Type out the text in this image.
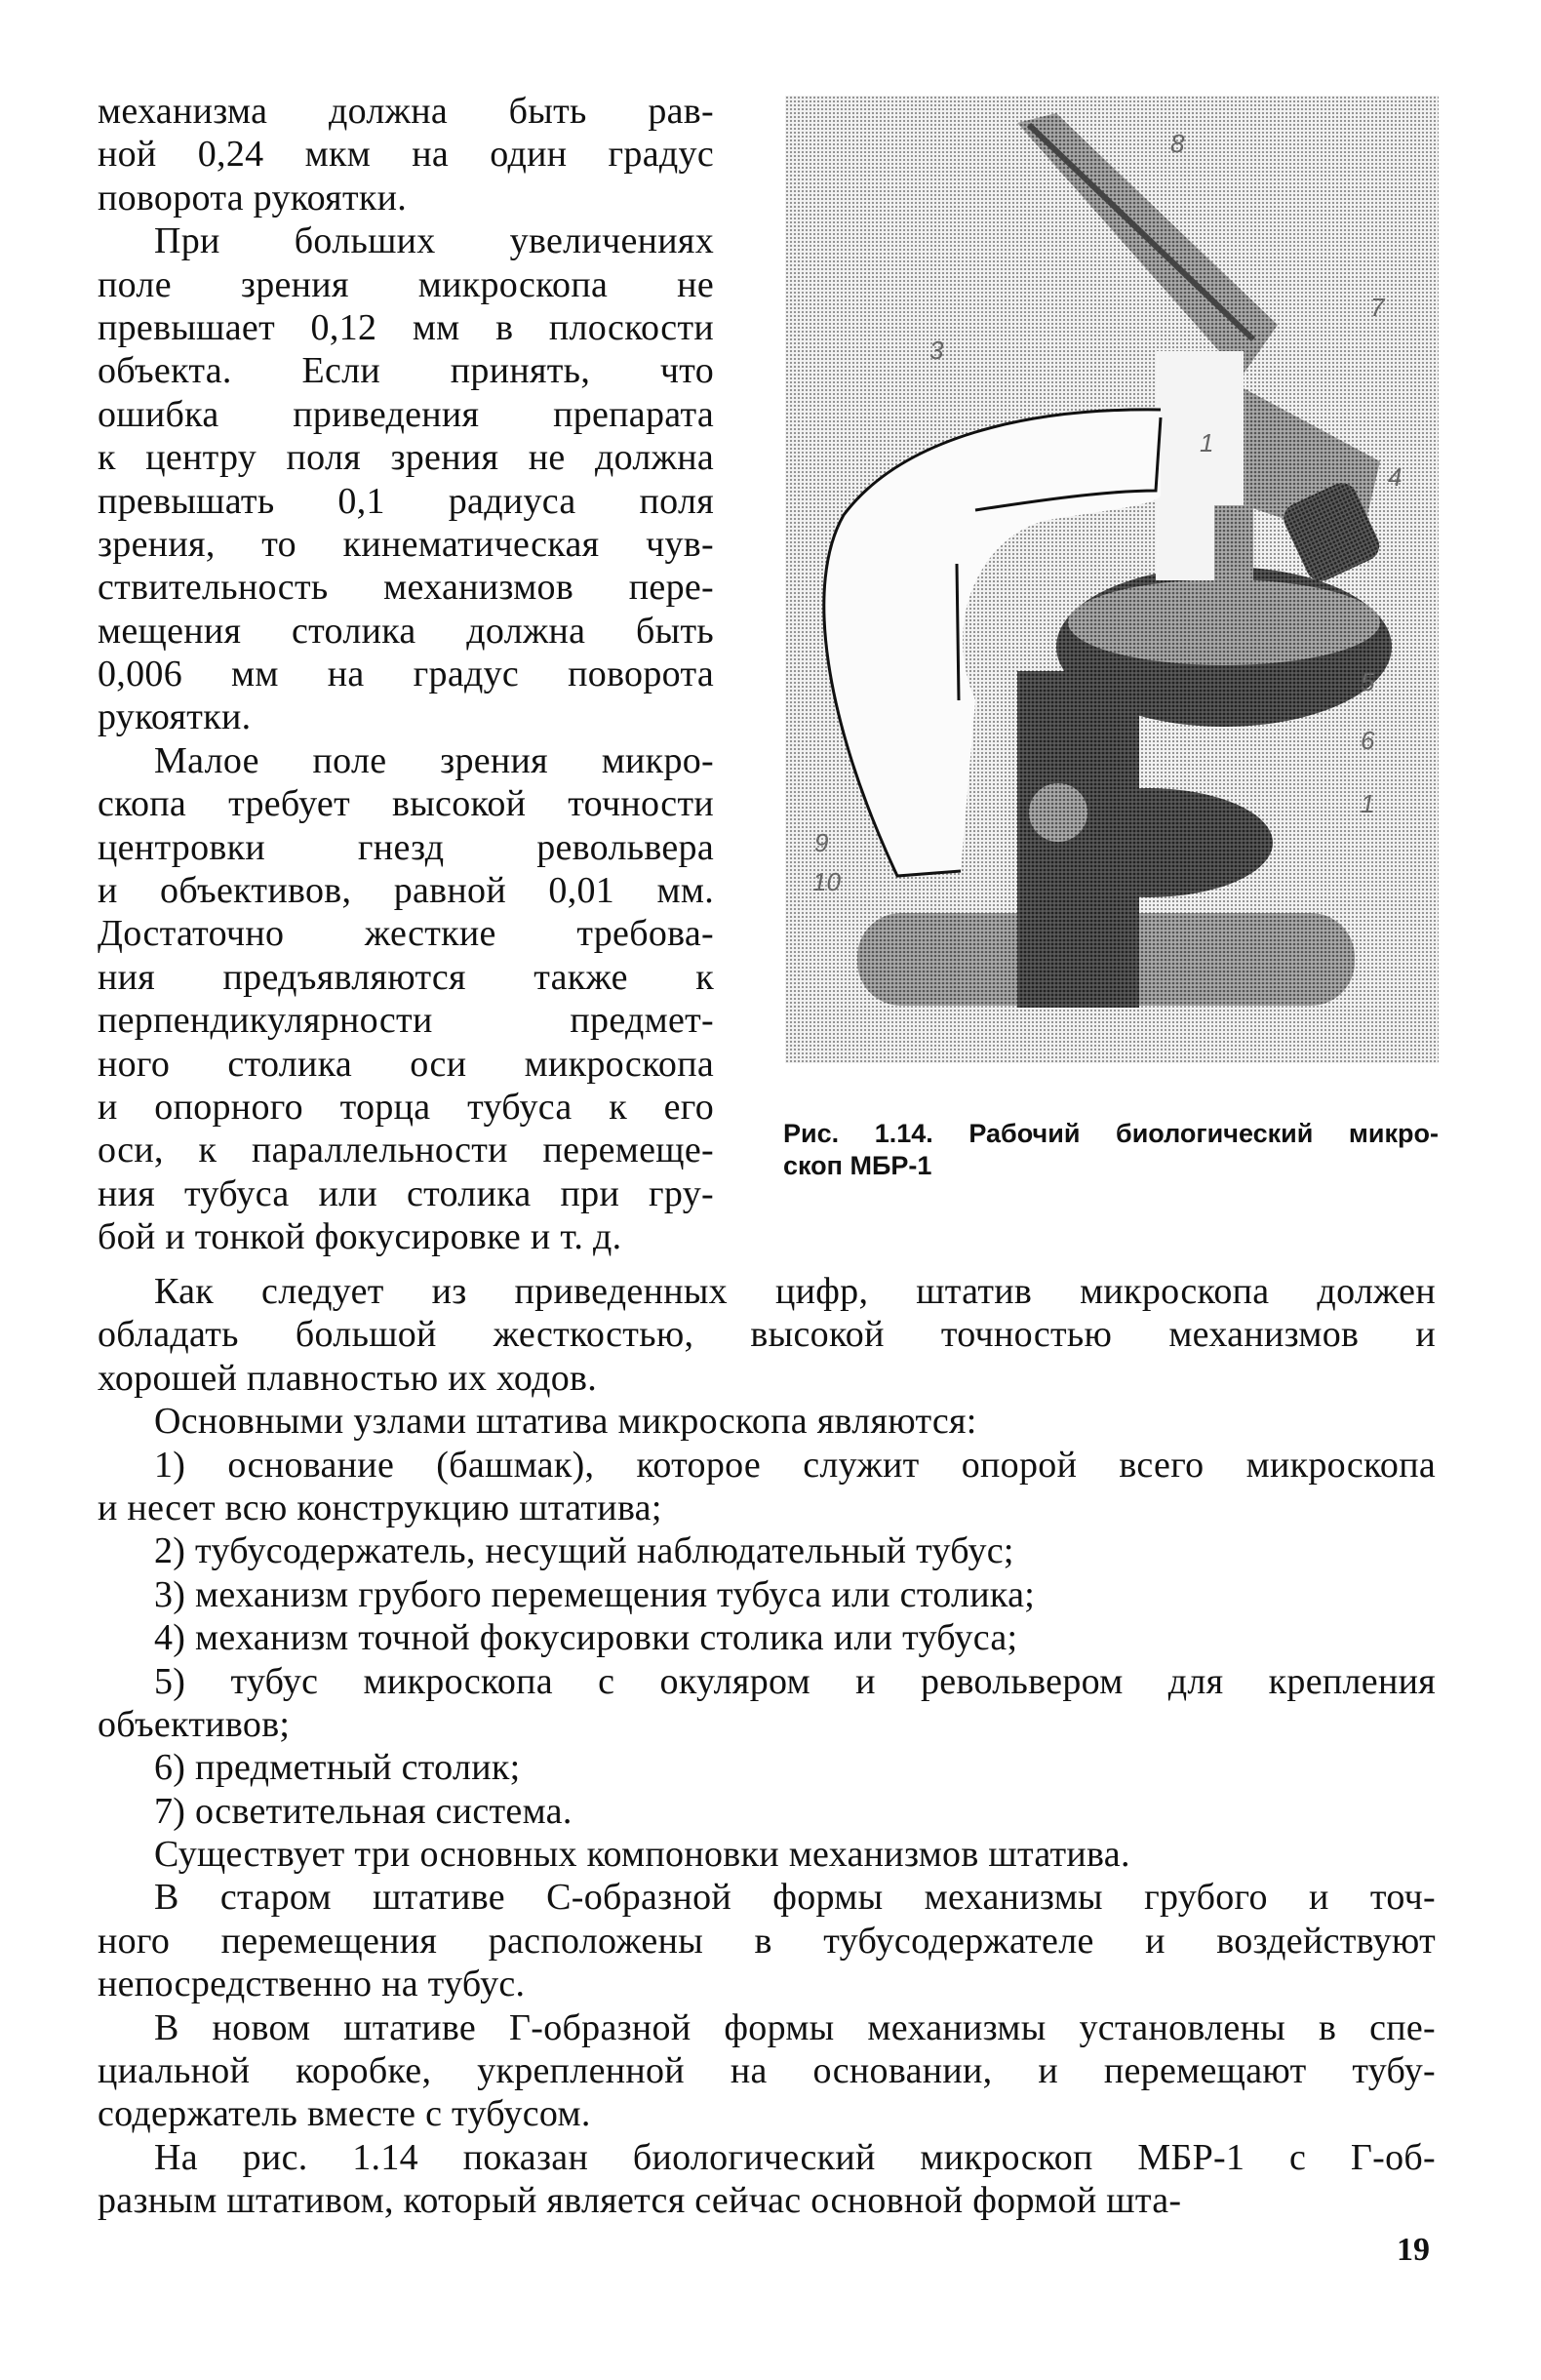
механизма должна быть рав-
ной 0,24 мкм на один градус
поворота рукоятки.
При больших увеличениях
поле зрения микроскопа не
превышает 0,12 мм в плоскости
объекта. Если принять, что
ошибка приведения препарата
к центру поля зрения не должна
превышать 0,1 радиуса поля
зрения, то кинематическая чув-
ствительность механизмов пере-
мещения столика должна быть
0,006 мм на градус поворота
рукоятки.
Малое поле зрения микро-
скопа требует высокой точности
центровки гнезд револьвера
и объективов, равной 0,01 мм.
Достаточно жесткие требова-
ния предъявляются также к
перпендикулярности предмет-
ного столика оси микроскопа
и опорного торца тубуса к его
оси, к параллельности перемеще-
ния тубуса или столика при гру-
бой и тонкой фокусировке и т. д.
8
7
3
1
4
5
6
9
10
1
Рис. 1.14. Рабочий биологический микро-
скоп МБР-1
Как следует из приведенных цифр, штатив микроскопа должен
обладать большой жесткостью, высокой точностью механизмов и
хорошей плавностью их ходов.
Основными узлами штатива микроскопа являются:
1) основание (башмак), которое служит опорой всего микроскопа
и несет всю конструкцию штатива;
2) тубусодержатель, несущий наблюдательный тубус;
3) механизм грубого перемещения тубуса или столика;
4) механизм точной фокусировки столика или тубуса;
5) тубус микроскопа с окуляром и револьвером для крепления
объективов;
6) предметный столик;
7) осветительная система.
Существует три основных компоновки механизмов штатива.
В старом штативе С-образной формы механизмы грубого и точ-
ного перемещения расположены в тубусодержателе и воздействуют
непосредственно на тубус.
В новом штативе Г-образной формы механизмы установлены в спе-
циальной коробке, укрепленной на основании, и перемещают тубу-
содержатель вместе с тубусом.
На рис. 1.14 показан биологический микроскоп МБР-1 с Г-об-
разным штативом, который является сейчас основной формой шта-
19
